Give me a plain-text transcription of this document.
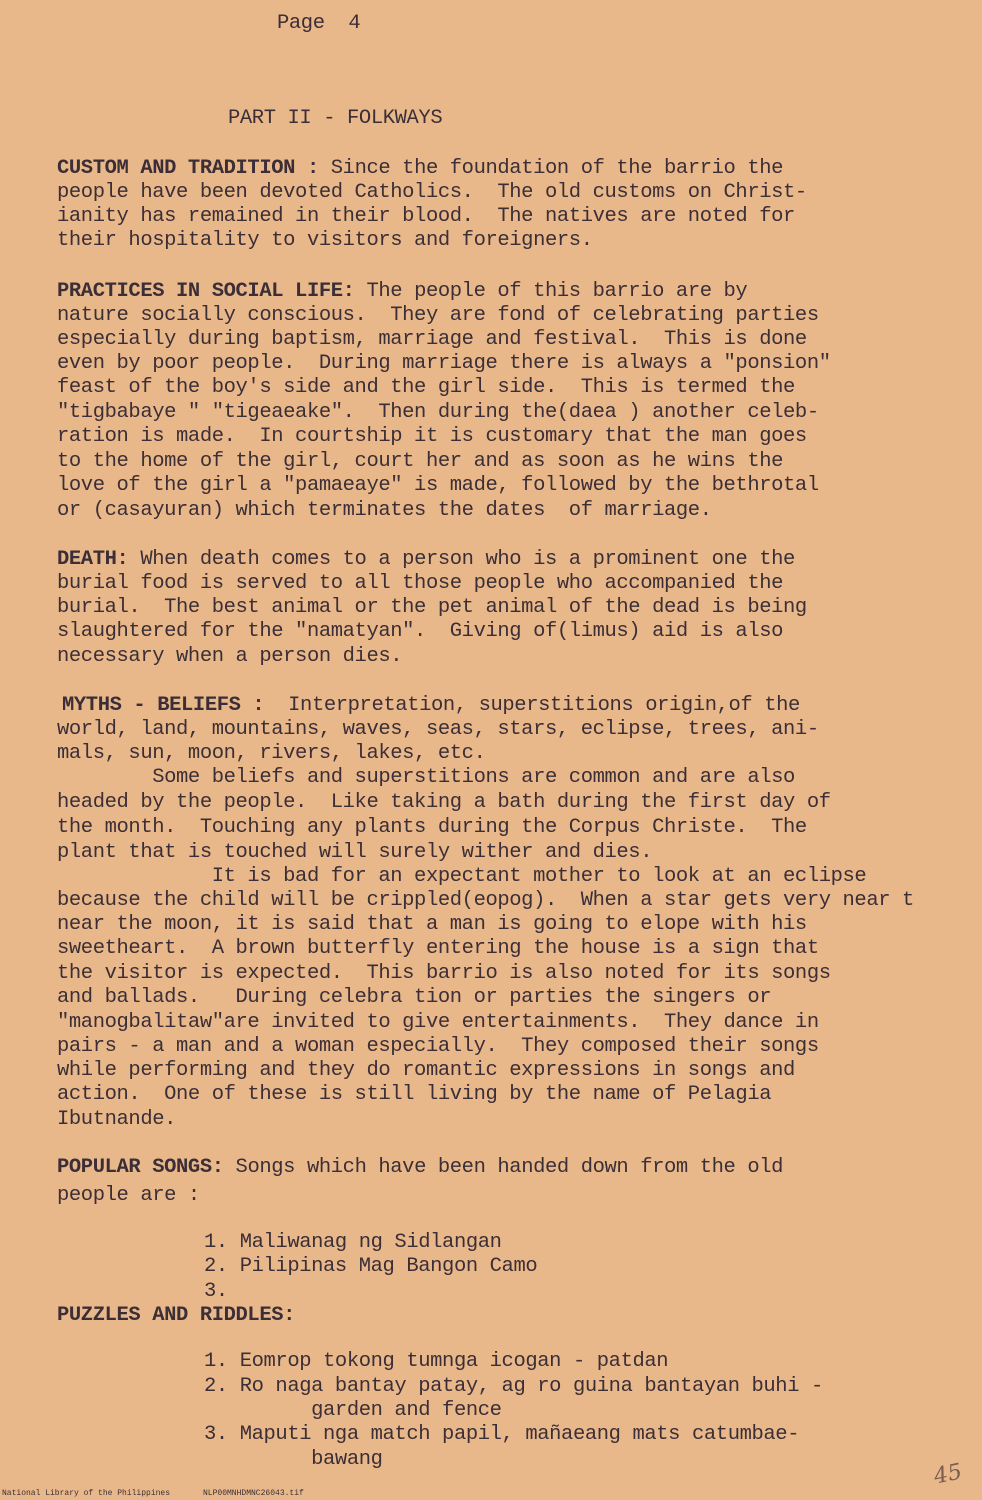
Page  4
PART II - FOLKWAYS
CUSTOM AND TRADITION : Since the foundation of the barrio the
people have been devoted Catholics.  The old customs on Christ-
ianity has remained in their blood.  The natives are noted for
their hospitality to visitors and foreigners.
PRACTICES IN SOCIAL LIFE: The people of this barrio are by
nature socially conscious.  They are fond of celebrating parties
especially during baptism, marriage and festival.  This is done
even by poor people.  During marriage there is always a "ponsion"
feast of the boy's side and the girl side.  This is termed the
"tigbabaye " "tigeaeake".  Then during the(daea ) another celeb-
ration is made.  In courtship it is customary that the man goes
to the home of the girl, court her and as soon as he wins the
love of the girl a "pamaeaye" is made, followed by the bethrotal
or (casayuran) which terminates the dates  of marriage.
DEATH: When death comes to a person who is a prominent one the
burial food is served to all those people who accompanied the
burial.  The best animal or the pet animal of the dead is being
slaughtered for the "namatyan".  Giving of(limus) aid is also
necessary when a person dies.
MYTHS - BELIEFS :  Interpretation, superstitions origin,of the
world, land, mountains, waves, seas, stars, eclipse, trees, ani-
mals, sun, moon, rivers, lakes, etc.
Some beliefs and superstitions are common and are also
headed by the people.  Like taking a bath during the first day of
the month.  Touching any plants during the Corpus Christe.  The
plant that is touched will surely wither and dies.
It is bad for an expectant mother to look at an eclipse
because the child will be crippled(eopog).  When a star gets very near t
near the moon, it is said that a man is going to elope with his
sweetheart.  A brown butterfly entering the house is a sign that
the visitor is expected.  This barrio is also noted for its songs
and ballads.   During celebra tion or parties the singers or
"manogbalitaw"are invited to give entertainments.  They dance in
pairs - a man and a woman especially.  They composed their songs
while performing and they do romantic expressions in songs and
action.  One of these is still living by the name of Pelagia
Ibutnande.
POPULAR SONGS: Songs which have been handed down from the old
people are :
1. Maliwanag ng Sidlangan
2. Pilipinas Mag Bangon Camo
3.
PUZZLES AND RIDDLES:
1. Eomrop tokong tumnga icogan - patdan
2. Ro naga bantay patay, ag ro guina bantayan buhi -
garden and fence
3. Maputi nga match papil, mañaeang mats catumbae-
bawang	45
National Library of the Philippines	NLP00MNHDMNC26043.tif
